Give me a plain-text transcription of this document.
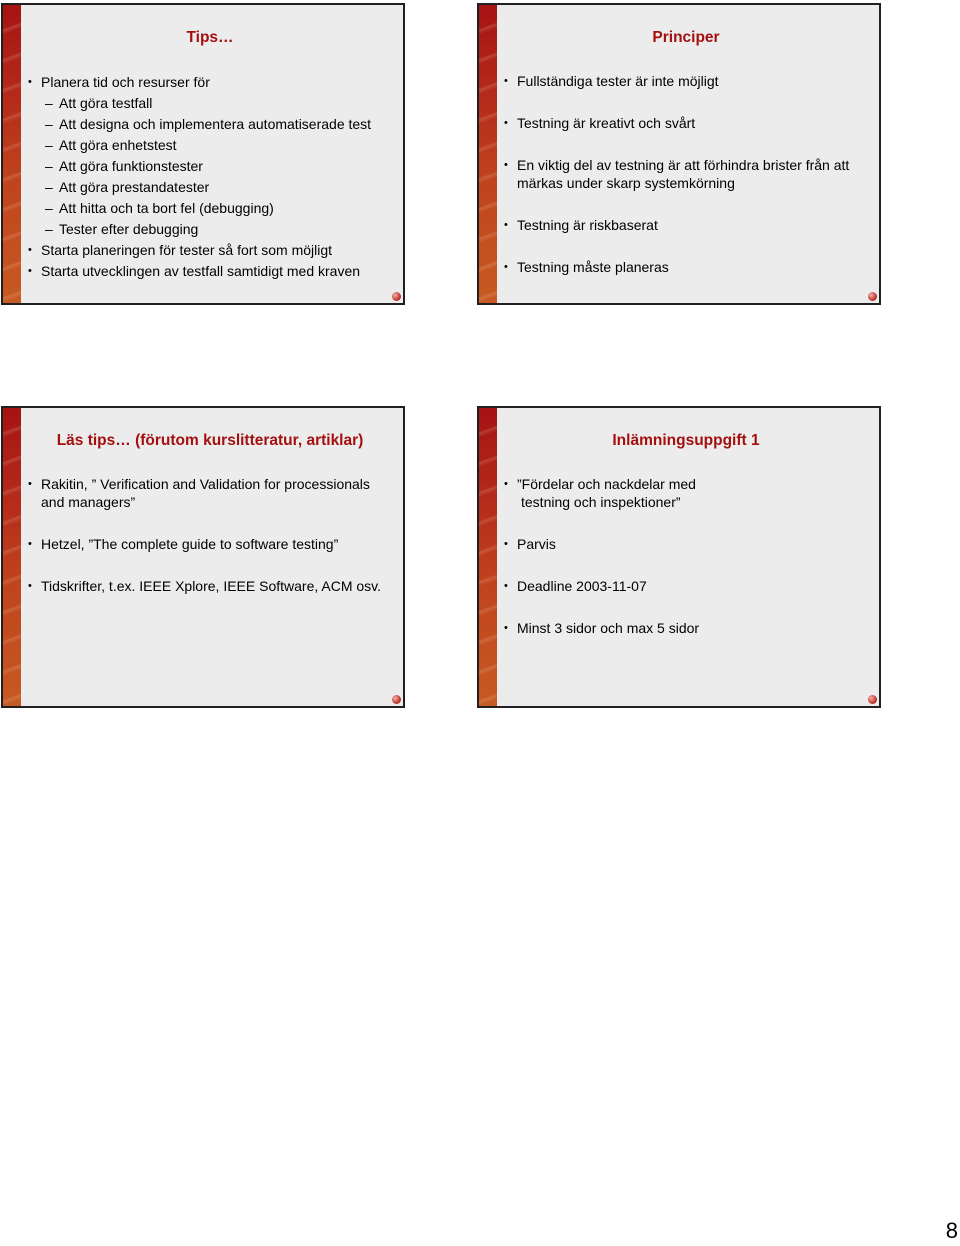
Tips…
• Planera tid och resurser för
– Att göra testfall
– Att designa och implementera automatiserade test
– Att göra enhetstest
– Att göra funktionstester
– Att göra prestandatester
– Att hitta och ta bort fel (debugging)
– Tester efter debugging
• Starta planeringen för tester så fort som möjligt
• Starta utvecklingen av testfall samtidigt med kraven
Principer
• Fullständiga tester är inte möjligt
• Testning är kreativt och svårt
• En viktig del av testning är att förhindra brister från att märkas under skarp systemkörning
• Testning är riskbaserat
• Testning måste planeras
Läs tips… (förutom kurslitteratur, artiklar)
• Rakitin, ” Verification and Validation for processionals and managers”
• Hetzel, ”The complete guide to software testing”
• Tidskrifter, t.ex. IEEE Xplore, IEEE Software, ACM osv.
Inlämningsuppgift 1
• ”Fördelar och nackdelar med
testning och inspektioner”
• Parvis
• Deadline 2003-11-07
• Minst 3 sidor och max 5 sidor
8
